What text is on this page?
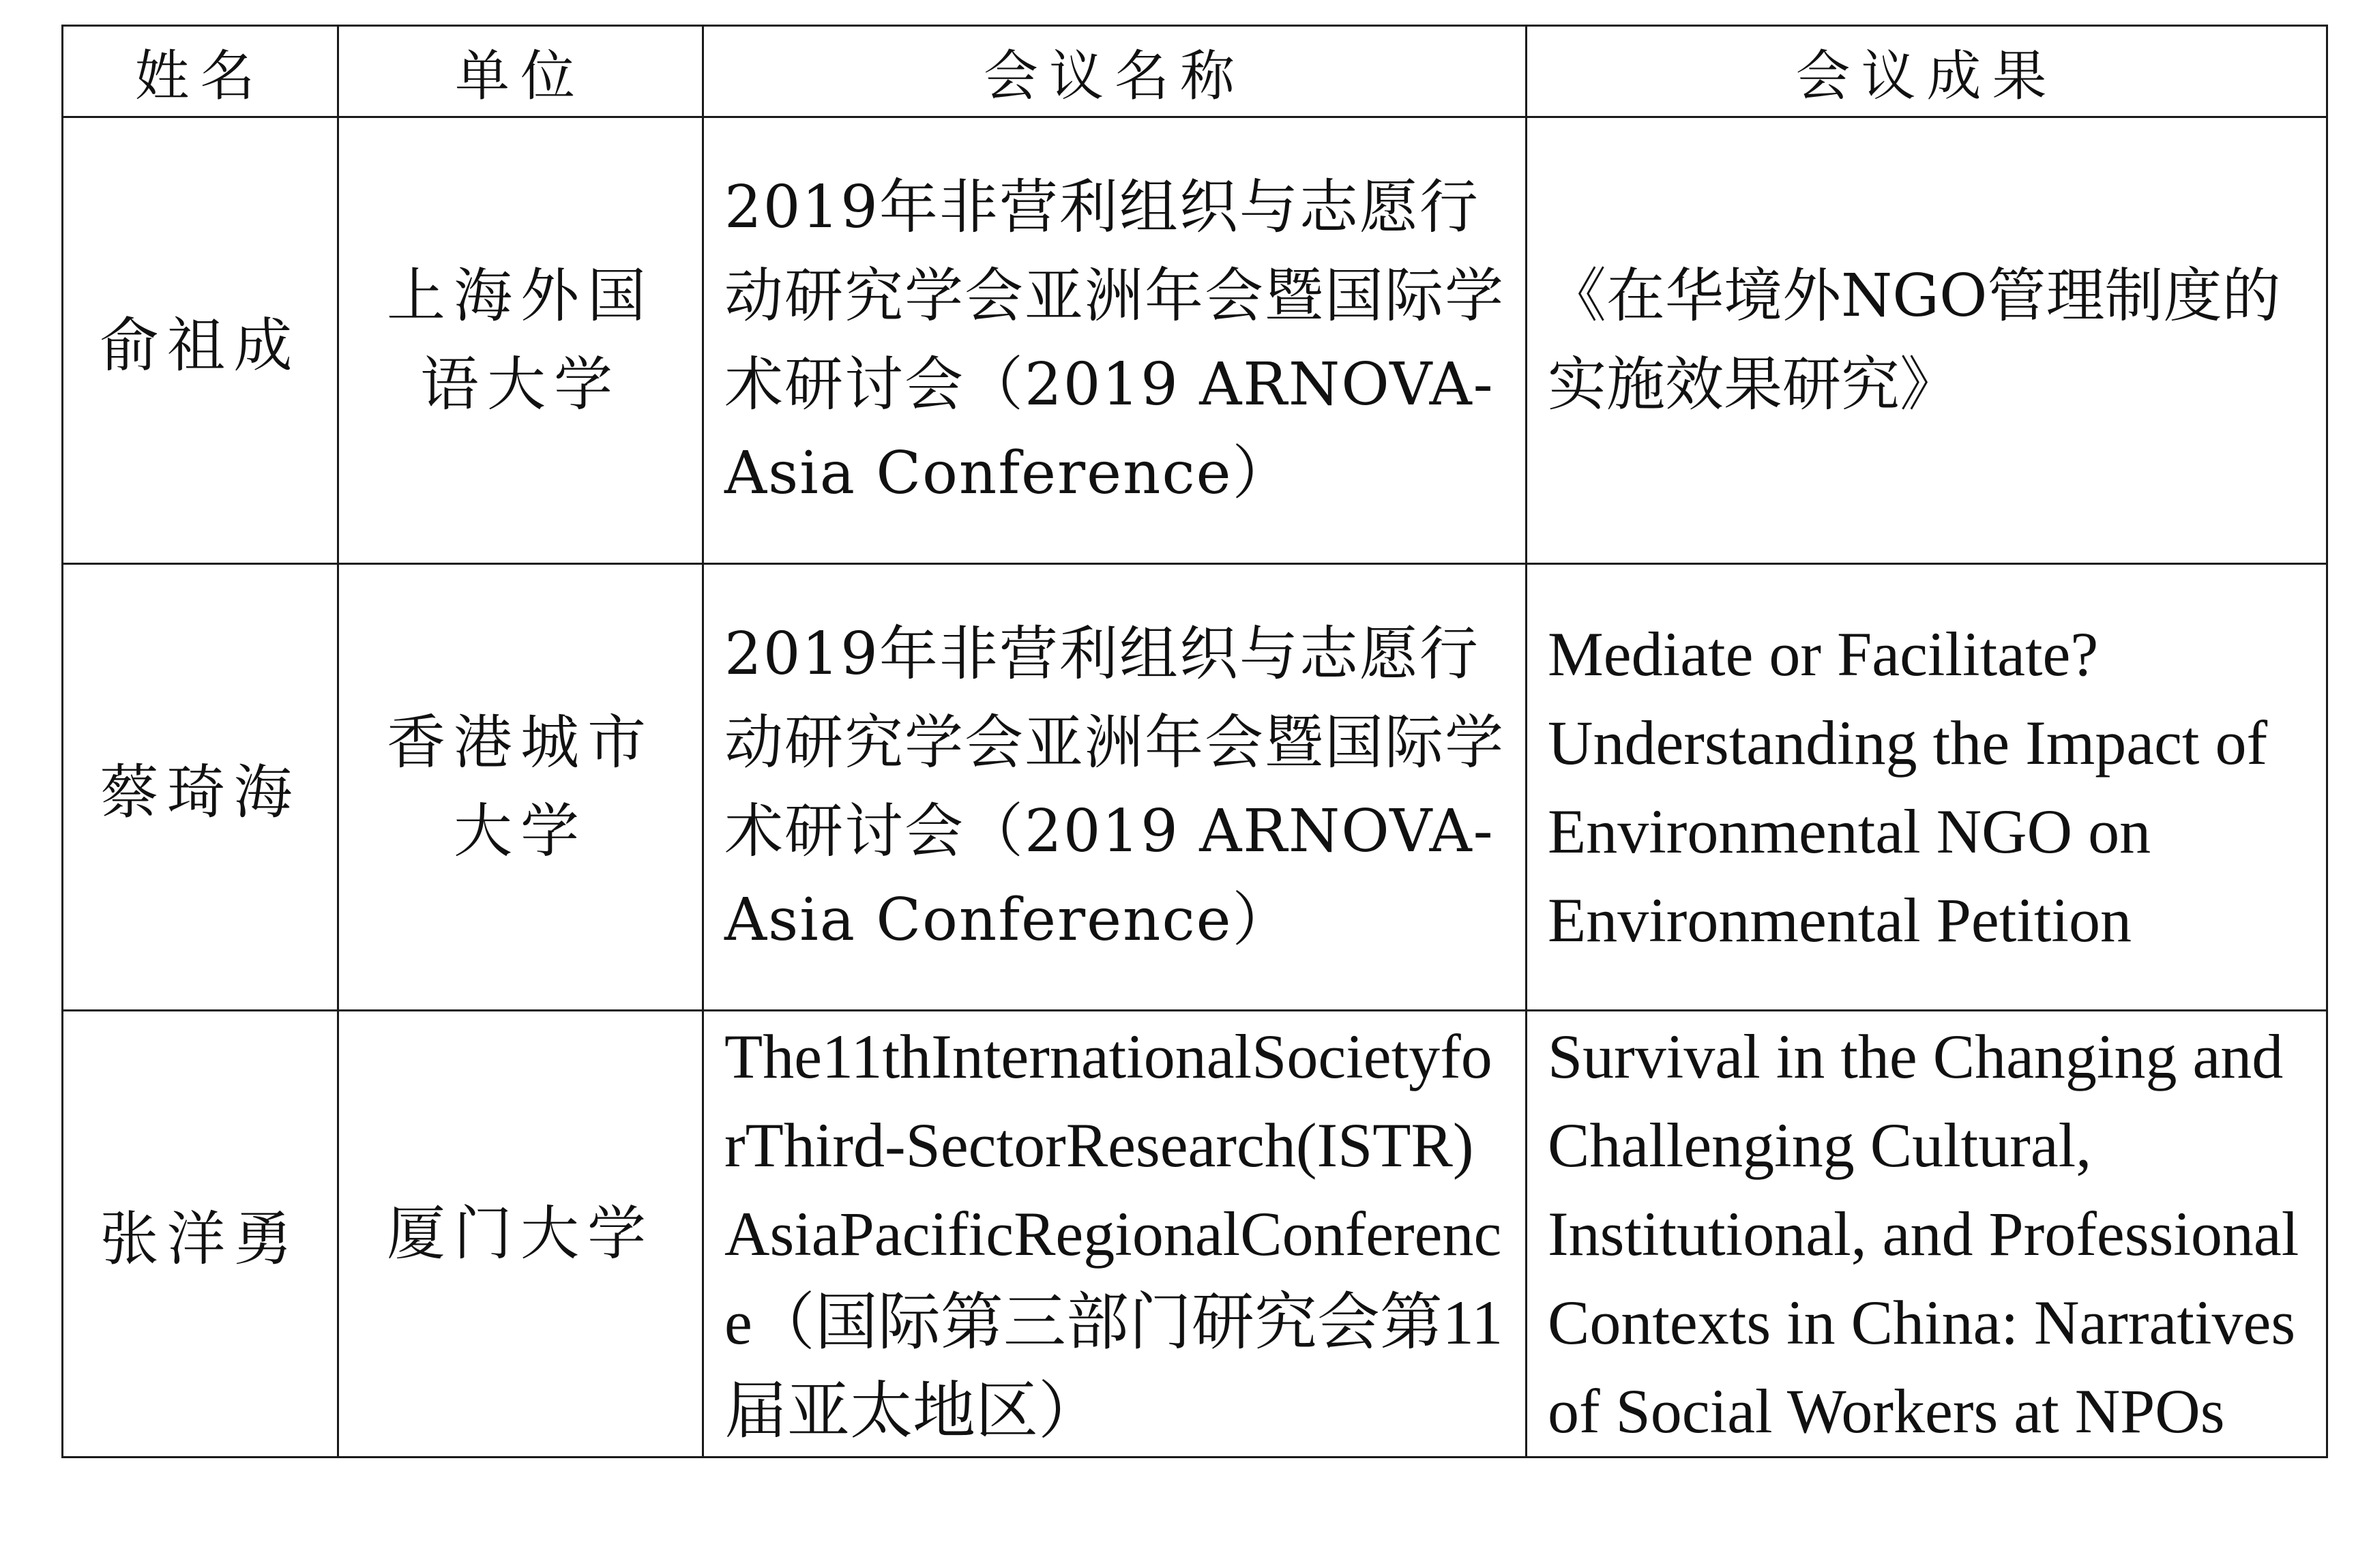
姓名	单位	会议名称	会议成果
俞祖成	上海外国语大学	2019年非营利组织与志愿行动研究学会亚洲年会暨国际学术研讨会（2019 ARNOVA-Asia Conference）	《在华境外NGO管理制度的实施效果研究》
蔡琦海	香港城市大学	2019年非营利组织与志愿行动研究学会亚洲年会暨国际学术研讨会（2019 ARNOVA-Asia Conference）	Mediate or Facilitate? Understanding the Impact of Environmental NGO on Environmental Petition
张洋勇	厦门大学	The11thInternationalSocietyforThird-SectorResearch(ISTR)AsiaPacificRegionalConference（国际第三部门研究会第11届亚太地区）	Survival in the Changing and Challenging Cultural, Institutional, and Professional Contexts in China: Narratives of Social Workers at NPOs
